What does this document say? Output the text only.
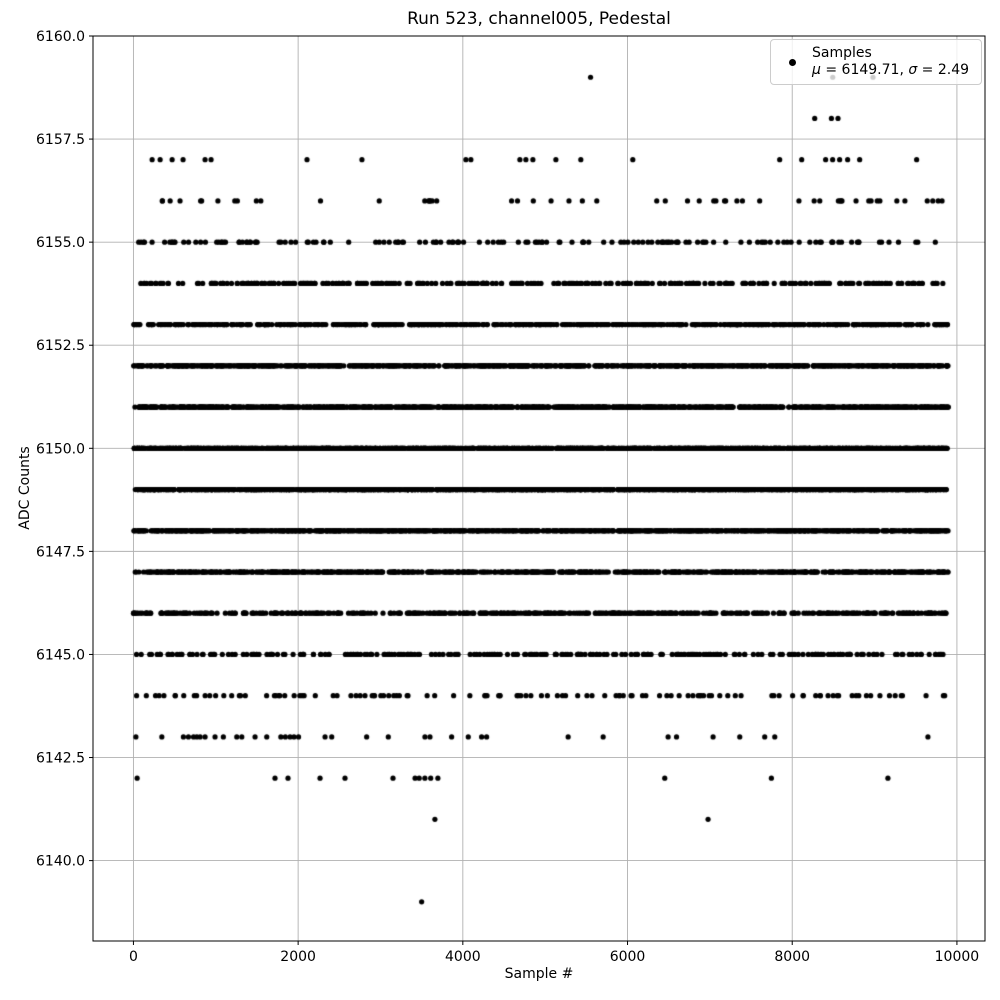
Run 523, channel005, Pedestal
0	2000	4000	6000	8000	10000
6140.0
6142.5
6145.0
6147.5
6150.0
6152.5
6155.0
6157.5
6160.0
Samples
μ = 6149.71, σ = 2.49
Sample #
ADC Counts
